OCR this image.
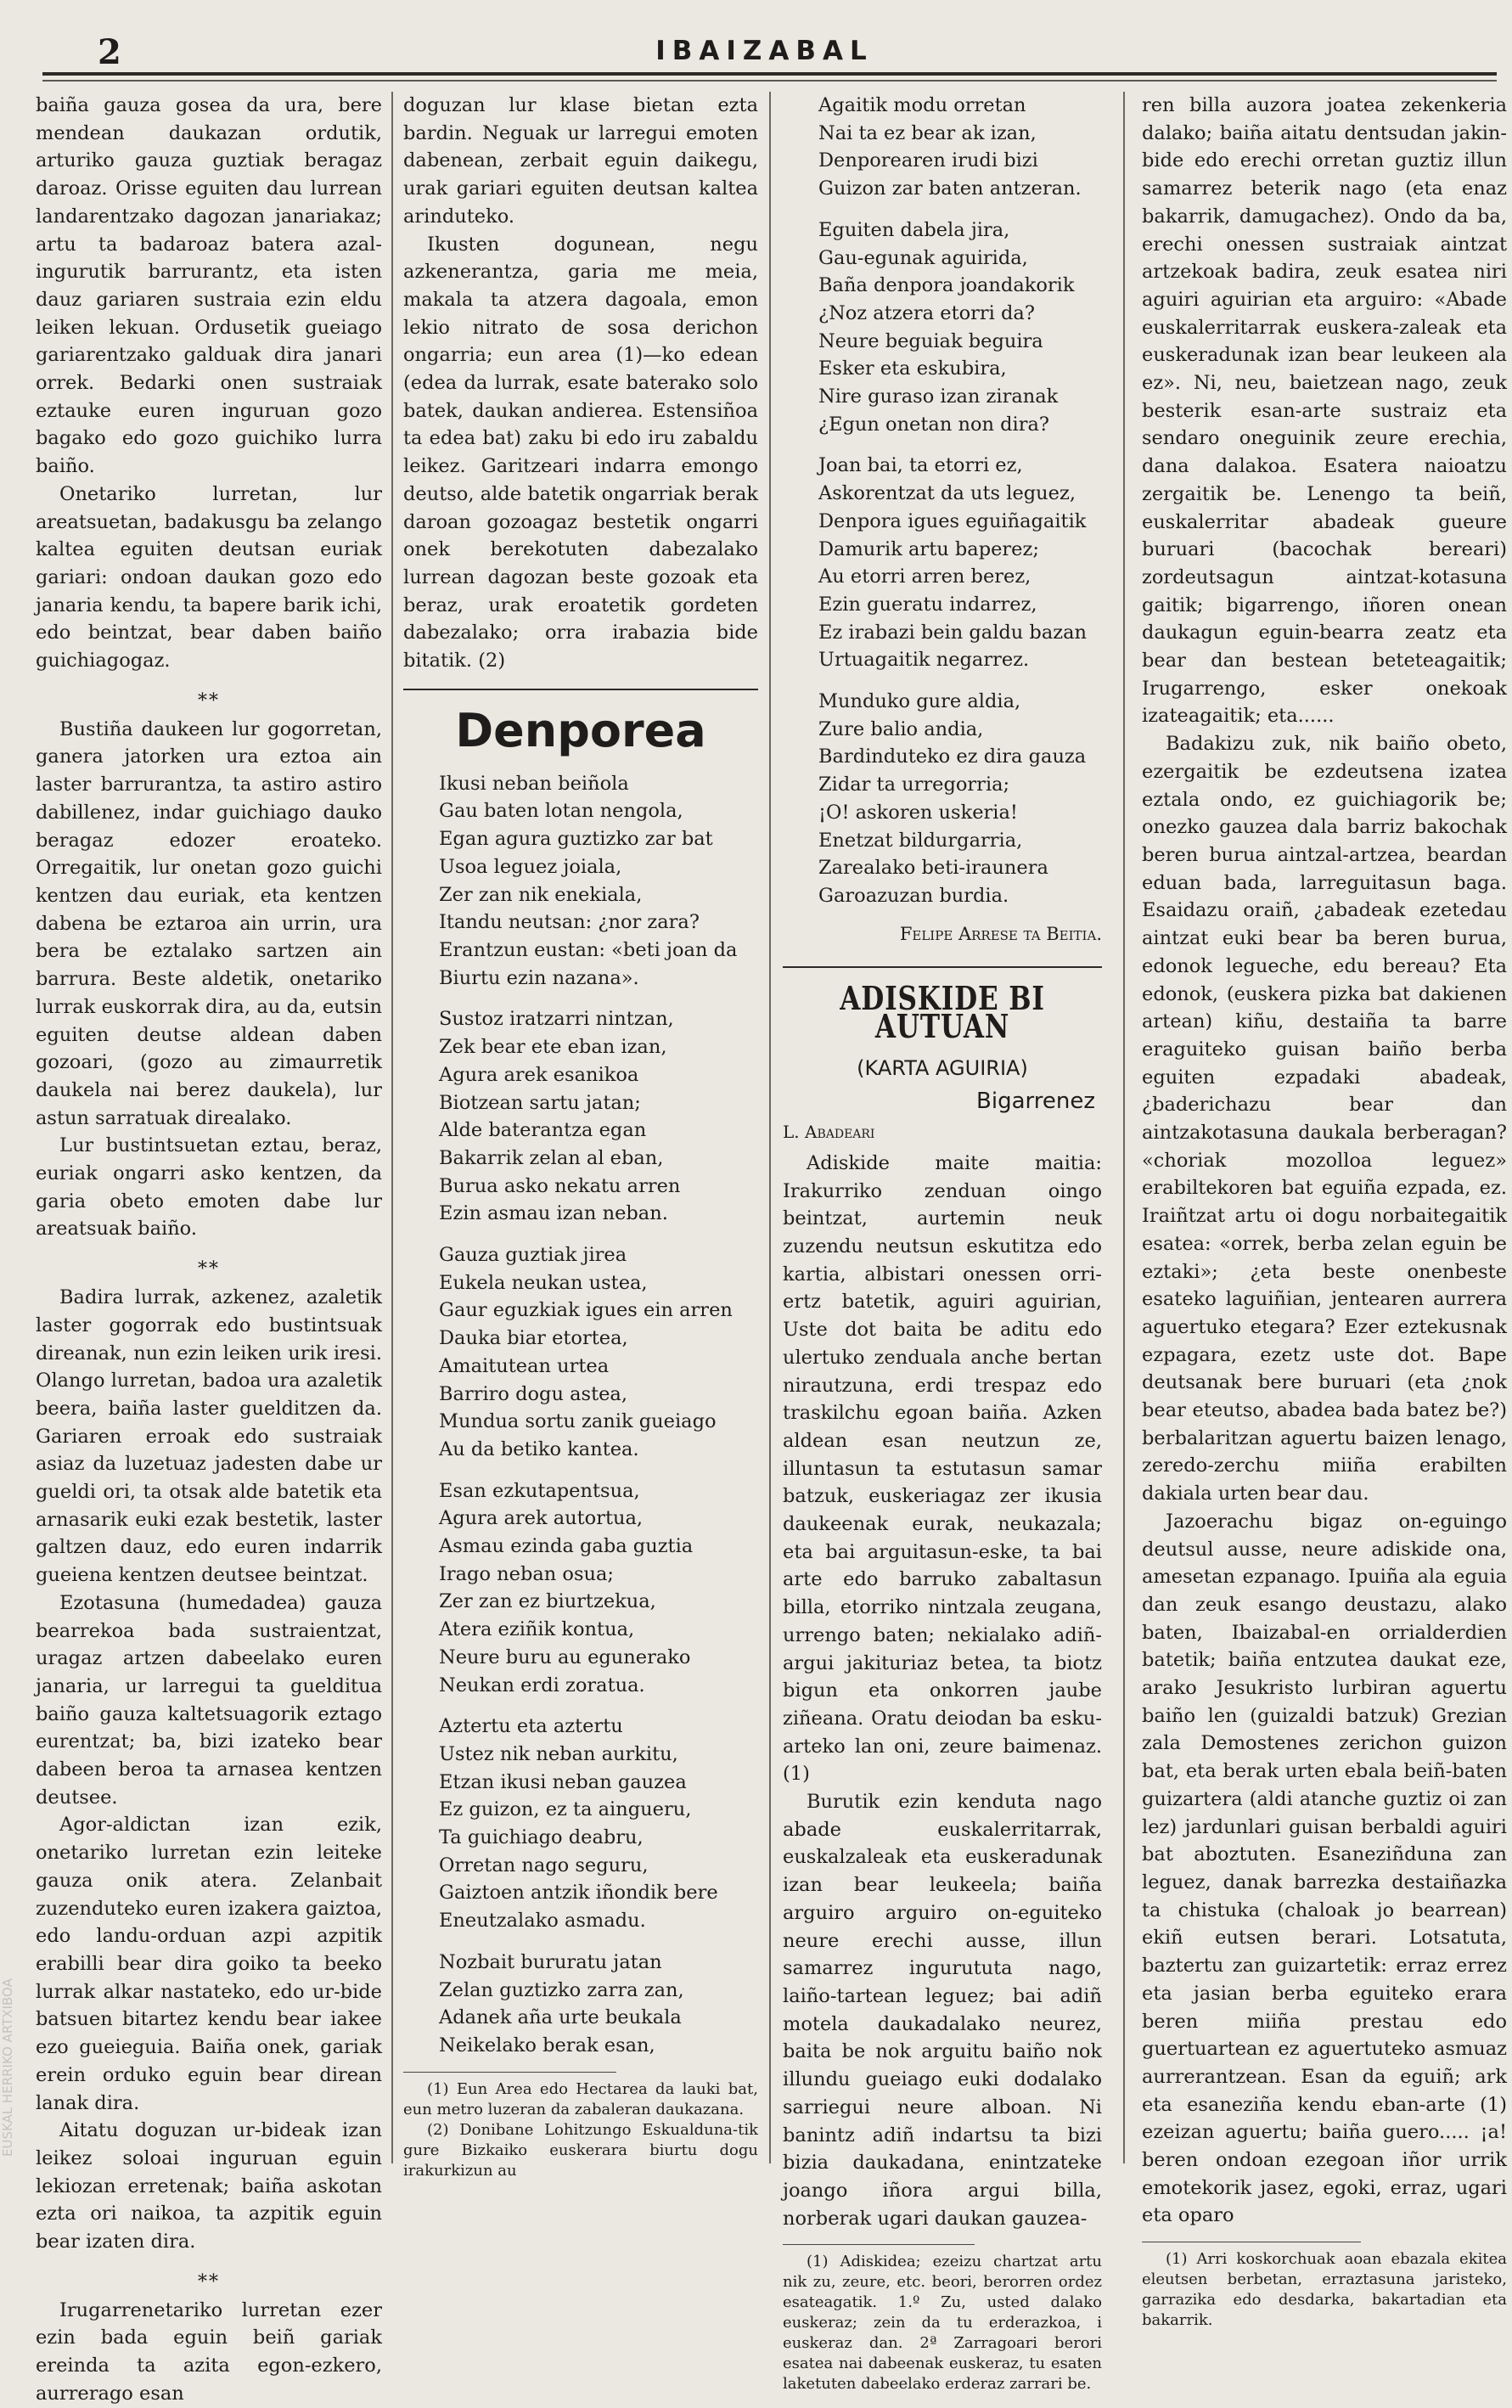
2	IBAIZABAL

baiña gauza gosea da ura, bere mendean daukazan ordutik, arturiko gauza guztiak beragaz daroaz. Orisse eguiten dau lurrean landarentzako dagozan janariakaz; artu ta badaroaz batera azal-ingurutik barrurantz, eta isten dauz gariaren sustraia ezin eldu leiken lekuan. Ordusetik gueiago gariarentzako galduak dira janari orrek. Bedarki onen sustraiak eztauke euren inguruan gozo bagako edo gozo guichiko lurra baiño.

Onetariko lurretan, lur areatsuetan, badakusgu ba zelango kaltea eguiten deutsan euriak gariari: ondoan daukan gozo edo janaria kendu, ta bapere barik ichi, edo beintzat, bear daben baiño guichiagogaz.

⁎⁎

Bustiña daukeen lur gogorretan, ganera jatorken ura eztoa ain laster barrurantza, ta astiro astiro dabillenez, indar guichiago dauko beragaz edozer eroateko. Orregaitik, lur onetan gozo guichi kentzen dau euriak, eta kentzen dabena be eztaroa ain urrin, ura bera be eztalako sartzen ain barrura. Beste aldetik, onetariko lurrak euskorrak dira, au da, eutsin eguiten deutse aldean daben gozoari, (gozo au zimaurretik daukela nai berez daukela), lur astun sarratuak direalako.

Lur bustintsuetan eztau, beraz, euriak ongarri asko kentzen, da garia obeto emoten dabe lur areatsuak baiño.

⁎⁎

Badira lurrak, azkenez, azaletik laster gogorrak edo bustintsuak direanak, nun ezin leiken urik iresi. Olango lurretan, badoa ura azaletik beera, baiña laster guelditzen da. Gariaren erroak edo sustraiak asiaz da luzetuaz jadesten dabe ur gueldi ori, ta otsak alde batetik eta arnasarik euki ezak bestetik, laster galtzen dauz, edo euren indarrik gueiena kentzen deutsee beintzat.

Ezotasuna (humedadea) gauza bearrekoa bada sustraientzat, uragaz artzen dabeelako euren janaria, ur larregui ta gueldituа baiño gauza kaltetsuagorik eztago eurentzat; ba, bizi izateko bear dabeen beroa ta arnasea kentzen deutsee.

Agor-aldictan izan ezik, onetariko lurretan ezin leiteke gauza onik atera. Zelanbait zuzenduteko euren izakera gaiztoa, edo landu-orduan azpi azpitik erabilli bear dira goiko ta beeko lurrak alkar nastateko, edo ur-bide batsuen bitartez kendu bear iakee ezo gueieguia. Baiña onek, gariak erein orduko eguin bear direan lanak dira.

Aitatu doguzan ur-bideak izan leikez soloai inguruan eguin lekiozan erretenak; baiña askotan ezta ori naikoa, ta azpitik eguin bear izaten dira.

⁎⁎

Irugarrenetariko lurretan ezer ezin bada eguin beiñ gariak ereinda ta azita egon-ezkero, aurrerago esan

doguzan lur klase bietan ezta bardin. Neguak ur larregui emoten dabenean, zerbait eguin daikegu, urak gariari eguiten deutsan kaltea arinduteko.

Ikusten dogunean, negu azkenerantza, garia me meia, makala ta atzera dagoala, emon lekio nitrato de sosa derichon ongarria; eun area (1)—ko edean (edea da lurrak, esate baterako solo batek, daukan andierea. Estensiñoa ta edea bat) zaku bi edo iru zabaldu leikez. Garitzeari indarra emongo deutso, alde batetik ongarriak berak daroan gozoagaz bestetik ongarri onek berekotuten dabezalako lurrean dagozan beste gozoak eta beraz, urak eroatetik gordeten dabezalako; orra irabazia bide bitatik. (2)

Denporea
Ikusi neban beiñola
Gau baten lotan nengola,
Egan agura guztizko zar bat
Usoa leguez joiala,
Zer zan nik enekiala,
Itandu neutsan: ¿nor zara?
Erantzun eustan: «beti joan da
Biurtu ezin nazana».
Sustoz iratzarri nintzan,
Zek bear ete eban izan,
Agura arek esanikoa
Biotzean sartu jatan;
Alde baterantza egan
Bakarrik zelan al eban,
Burua asko nekatu arren
Ezin asmau izan neban.
Gauza guztiak jirea
Eukela neukan ustea,
Gaur eguzkiak igues ein arren
Dauka biar etortea,
Amaitutean urtea
Barriro dogu astea,
Mundua sortu zanik gueiago
Au da betiko kantea.
Esan ezkutapentsua,
Agura arek autortua,
Asmau ezinda gaba guztia
Irago neban osua;
Zer zan ez biurtzekua,
Atera eziñik kontua,
Neure buru au egunerako
Neukan erdi zoratua.
Aztertu eta aztertu
Ustez nik neban aurkitu,
Etzan ikusi neban gauzea
Ez guizon, ez ta aingueru,
Ta guichiago deabru,
Orretan nago seguru,
Gaiztoen antzik iñondik bere
Eneutzalako asmadu.
Nozbait bururatu jatan
Zelan guztizko zarra zan,
Adanek aña urte beukala
Neikelako berak esan,

(1) Eun Area edo Hectarea da lauki bat, eun metro luzeran da zabaleran daukazana.

(2) Donibane Lohitzungo Eskualduna-tik gure Bizkaiko euskerara biurtu dogu irakurkizun au

Agaitik modu orretan
Nai ta ez bear ak izan,
Denporearen irudi bizi
Guizon zar baten antzeran.
Eguiten dabela jira,
Gau-egunak aguirida,
Baña denpora joandakorik
¿Noz atzera etorri da?
Neure beguiak beguira
Esker eta eskubira,
Nire guraso izan ziranak
¿Egun onetan non dira?
Joan bai, ta etorri ez,
Askorentzat da uts leguez,
Denpora igues eguiñagaitik
Damurik artu baperez;
Au etorri arren berez,
Ezin gueratu indarrez,
Ez irabazi bein galdu bazan
Urtuagaitik negarrez.
Munduko gure aldia,
Zure balio andia,
Bardinduteko ez dira gauza
Zidar ta urregorria;
¡O! askoren uskeria!
Enetzat bildurgarria,
Zarealako beti-iraunera
Garoazuzan burdia.
Felipe Arrese ta Beitia.
ADISKIDE BI AUTUAN
(KARTA AGUIRIA)
Bigarrenez
L. Abadeari

Adiskide maite maitia: Irakurriko zenduan oingo beintzat, aurtemin neuk zuzendu neutsun eskutitza edo kartia, albistari onessen orri-ertz batetik, aguiri aguirian, Uste dot baita be aditu edo ulertuko zendualа anche bertan nirautzuna, erdi trespaz edo traskilchu egoan baiña. Azken aldean esan neutzun ze, illuntasun ta estutasun samar batzuk, euskeriagaz zer ikusia daukeenak eurak, neukazala; eta bai arguitasun-eske, ta bai arte edo barruko zabaltasun billa, etorriko nintzala zeugana, urrengo baten; nekialako adiñ-argui jakituriaz betea, ta biotz bigun eta onkorren jaube ziñeana. Oratu deiodan ba esku- arteko lan oni, zeure baimenaz. (1)

Burutik ezin kenduta nago abade euskalerritarrak, euskalzaleak eta euskeradunak izan bear leukeela; baiña arguiro arguiro on-eguiteko neure erechi ausse, illun samarrez ingurututa nago, laiño-tartean leguez; bai adiñ motela daukadalako neurez, baita be nok arguitu baiño nok illundu gueiago euki dodalako sarriegui neure alboan. Ni banintz adiñ indartsu ta bizi bizia daukadana, enintzateke joango iñora argui billa, norberak ugari daukan gauzea-

(1) Adiskidea; ezeizu chartzat artu nik zu, zeure, etc. beori, berorren ordez esateagatik. 1.º Zu, usted dalako euskeraz; zein da tu erderazkoa, i euskeraz dan. 2ª Zarragoari berori esatea nai dabeenak euskeraz, tu esaten laketuten dabeelako erderaz zarrari be.

ren billa auzora joatea zekenkeria dalako; baiña aitatu dentsudan jakin-bide edo erechi orretan guztiz illun samarrez beterik nago (eta enaz bakarrik, damugachez). Ondo da ba, erechi onessen sustraiak aintzat artzekoak badira, zeuk esatea niri aguiri aguirian eta arguiro: «Abade euskalerritarrak euskera-zaleak eta euskeradunak izan bear leukeen ala ez». Ni, neu, baietzean nago, zeuk besterik esan-arte sustraiz eta sendaro oneguinik zeure erechia, dana dalakoa. Esatera naioatzu zergaitik be. Lenengo ta beiñ, euskalerritar abadeak gueure buruari (bacochak bereari) zordeutsagun aintzat-kotasuna gaitik; bigarrengo, iñoren onean daukagun eguin-bearra zeatz eta bear dan bestean beteteagaitik; Irugarrengo, esker onekoak izateagaitik; eta......

Badakizu zuk, nik baiño obeto, ezergaitik be ezdeutsena izatea eztala ondo, ez guichiagorik be; onezko gauzea dala barriz bakochak beren burua aintzal-artzea, beardan eduan bada, larreguitasun baga. Esaidazu oraiñ, ¿abadeak ezetedau aintzat euki bear ba beren burua, edonok legueche, edu bereau? Eta edonok, (euskera pizka bat dakienen artean) kiñu, destaiña ta barre eraguiteko guisan baiño berba eguiten ezpadaki abadeak, ¿baderichazu bear dan aintzakotasuna daukala berberagan? «choriak mozolloa leguez» erabiltekoren bat eguiña ezpada, ez. Iraiñtzat artu oi dogu norbaitegaitik esatea: «orrek, berba zelan eguin be eztaki»; ¿eta beste onenbeste esateko laguiñian, jentearen aurrera aguertuko etegara? Ezer eztekusnak ezpagara, ezetz uste dot. Bape deutsanak bere buruari (eta ¿nok bear eteutso, abadea bada batez be?) berbalaritzan aguertu baizen lenago, zeredo-zerchu miiña erabilten dakiala urten bear dau.

Jazoerachu bigaz on-eguingo deutsul ausse, neure adiskide ona, amesetan ezpanago. Ipuiña ala eguia dan zeuk esango deustazu, alako baten, Ibaizabal-en orrialderdien batetik; baiña entzutea daukat eze, arako Jesukristo lurbiran aguertu baiño len (guizaldi batzuk) Grezian zala Demostenes zerichon guizon bat, eta berak urten ebala beiñ-baten guizartera (aldi atanche guztiz oi zan lez) jardunlari guisan berbaldi aguiri bat aboztuten. Esaneziñduna zan leguez, danak barrezka destaiñazka ta chistuka (chaloak jo bearrean) ekiñ eutsen berari. Lotsatuta, baztertu zan guizartetik: erraz errez eta jasian berba eguiteko erara beren miiña prestau edo guertuartean ez aguertuteko asmuaz aurrerantzean. Esan da eguiñ; ark eta esaneziña kendu eban-arte (1) ezeizan aguertu; baiña guero..... ¡a! beren ondoan ezegoan iñor urrik emotekorik jasez, egoki, erraz, ugari eta oparo

(1) Arri koskorchuak aoan ebazala ekitea eleutsen berbetan, erraztasuna jaristeko, garrazika edo desdarka, bakartadian eta bakarrik.

EUSKAL HERRIKO ARTXIBOA
